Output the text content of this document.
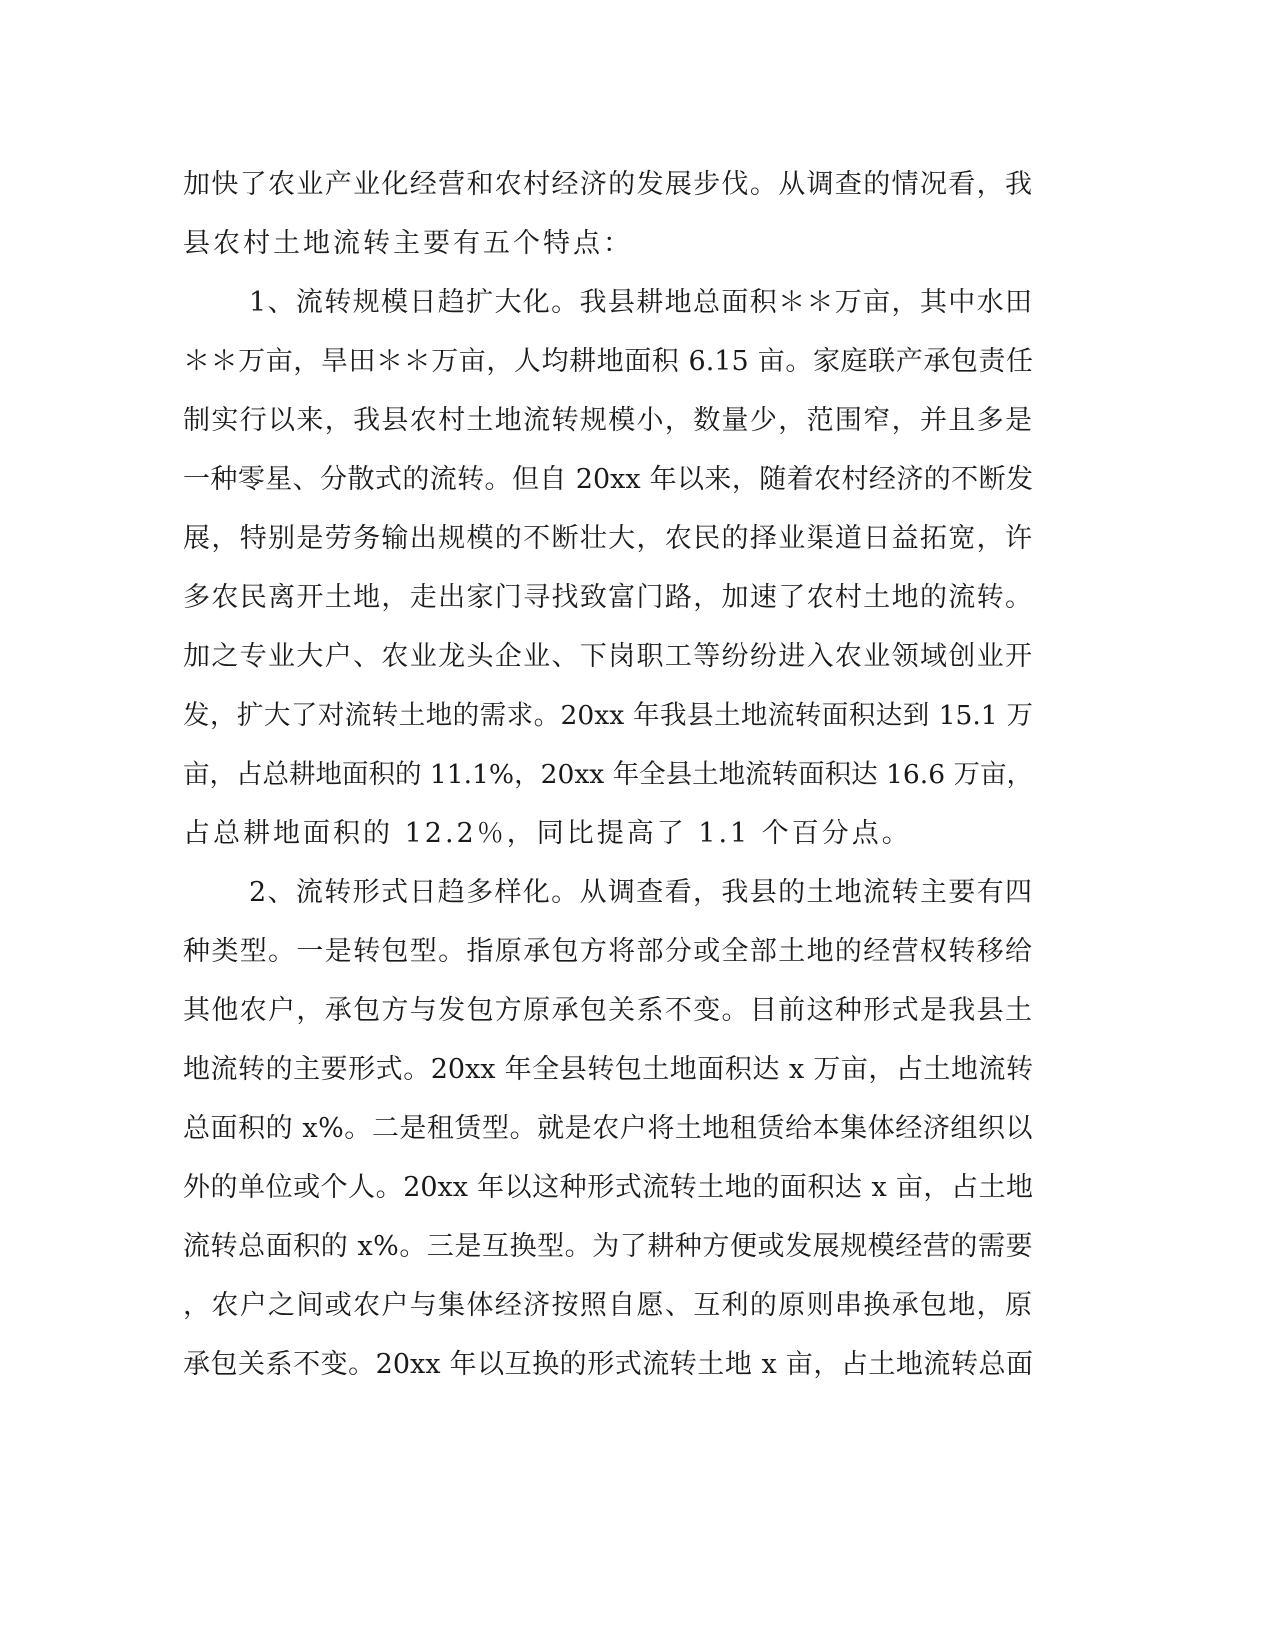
加快了农业产业化经营和农村经济的发展步伐。从调查的情况看，我
县农村土地流转主要有五个特点：
1、流转规模日趋扩大化。我县耕地总面积＊＊万亩，其中水田
＊＊万亩，旱田＊＊万亩，人均耕地面积 6.15 亩。家庭联产承包责任
制实行以来，我县农村土地流转规模小，数量少，范围窄，并且多是
一种零星、分散式的流转。但自 20xx 年以来，随着农村经济的不断发
展，特别是劳务输出规模的不断壮大，农民的择业渠道日益拓宽，许
多农民离开土地，走出家门寻找致富门路，加速了农村土地的流转。
加之专业大户、农业龙头企业、下岗职工等纷纷进入农业领域创业开
发，扩大了对流转土地的需求。20xx 年我县土地流转面积达到 15.1 万
亩，占总耕地面积的 11.1%，20xx 年全县土地流转面积达 16.6 万亩，
占总耕地面积的 12.2％，同比提高了 1.1 个百分点。
2、流转形式日趋多样化。从调查看，我县的土地流转主要有四
种类型。一是转包型。指原承包方将部分或全部土地的经营权转移给
其他农户，承包方与发包方原承包关系不变。目前这种形式是我县土
地流转的主要形式。20xx 年全县转包土地面积达 x 万亩，占土地流转
总面积的 x%。二是租赁型。就是农户将土地租赁给本集体经济组织以
外的单位或个人。20xx 年以这种形式流转土地的面积达 x 亩，占土地
流转总面积的 x%。三是互换型。为了耕种方便或发展规模经营的需要
，农户之间或农户与集体经济按照自愿、互利的原则串换承包地，原
承包关系不变。20xx 年以互换的形式流转土地 x 亩，占土地流转总面
